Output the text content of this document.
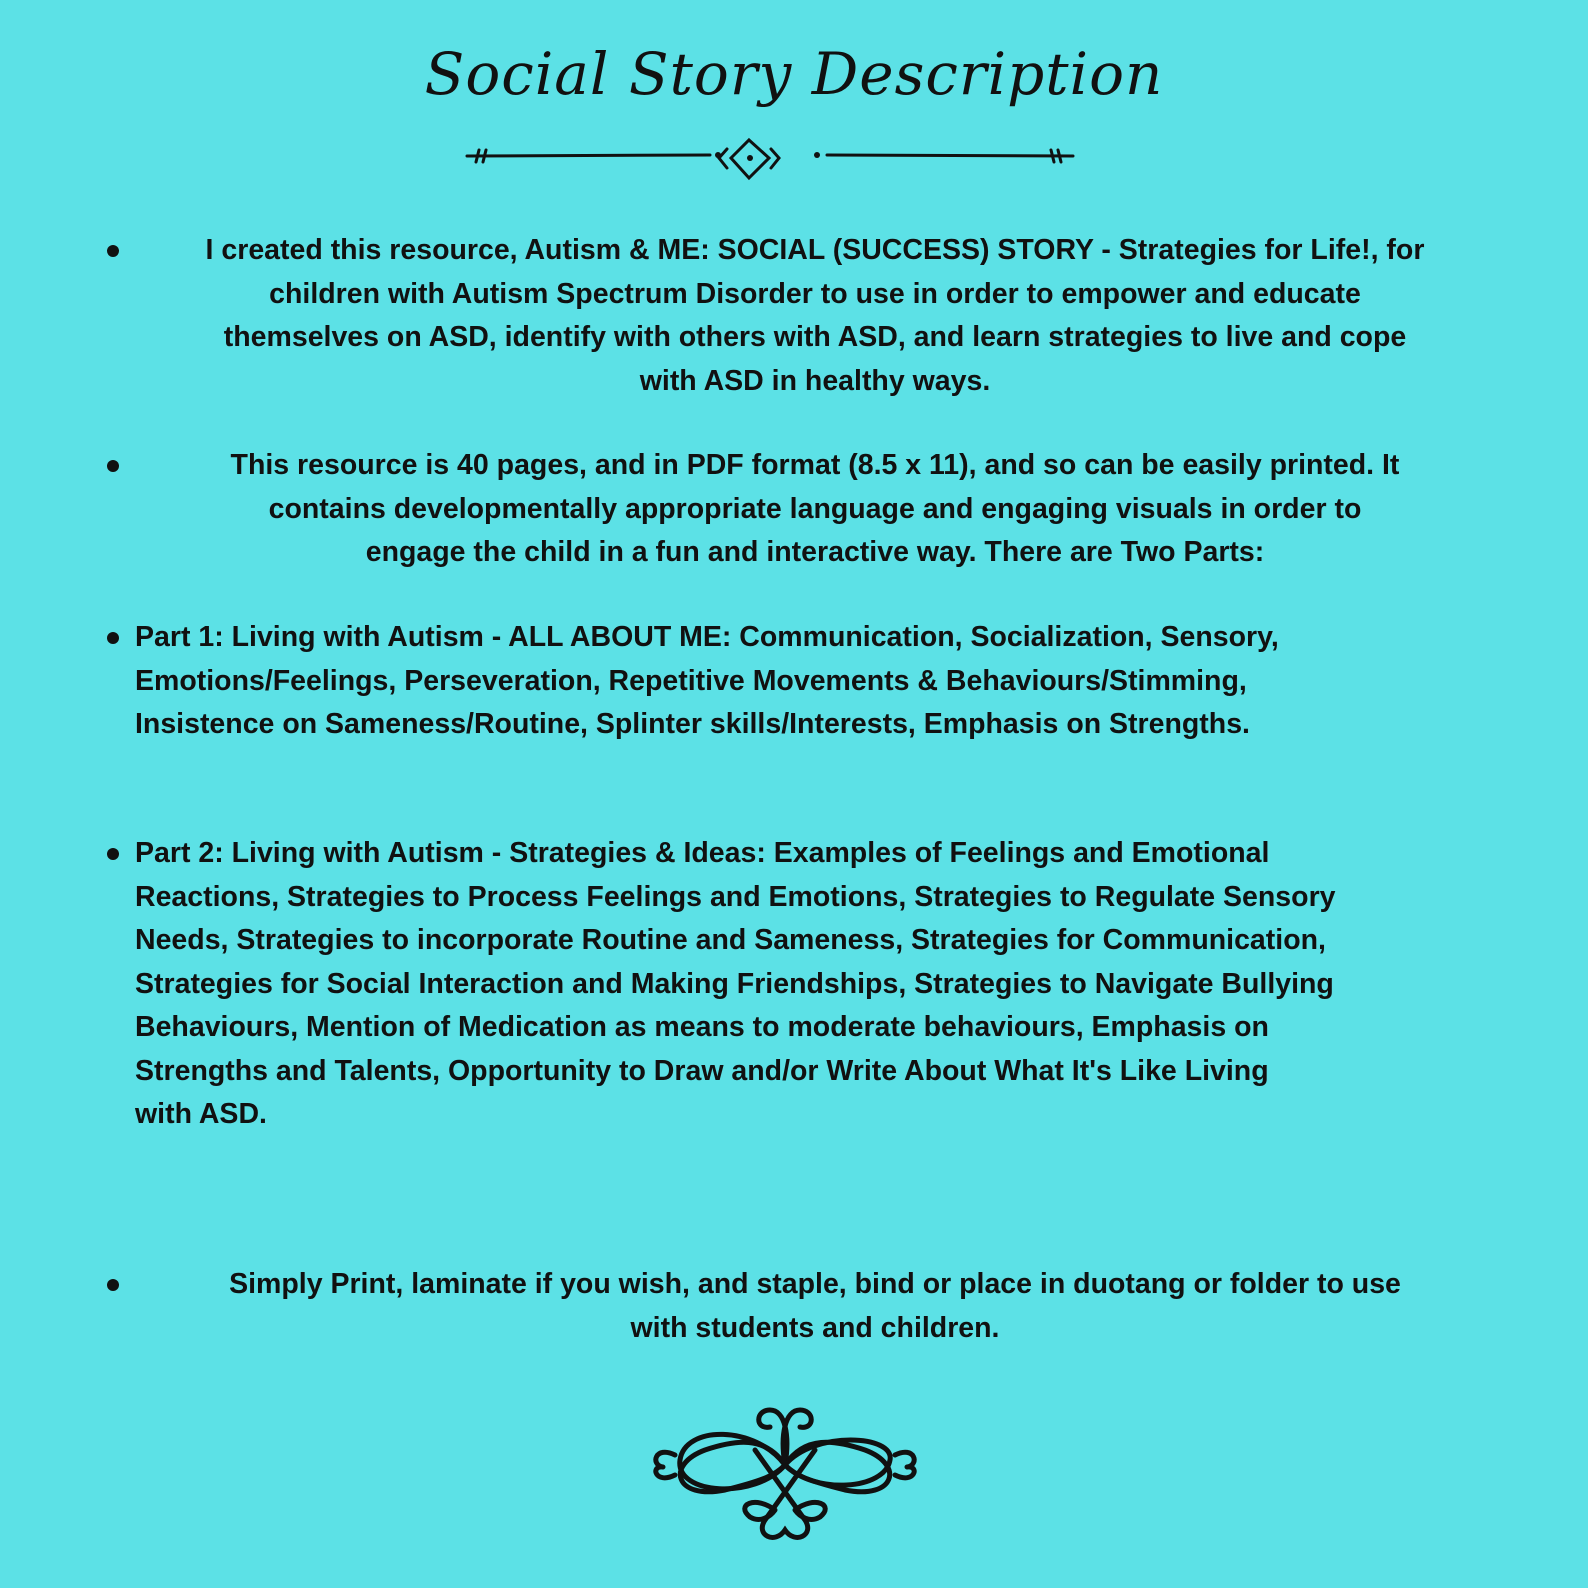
Social Story Description
I created this resource, Autism & ME: SOCIAL (SUCCESS) STORY - Strategies for Life!, for
children with Autism Spectrum Disorder to use in order to empower and educate
themselves on ASD, identify with others with ASD, and learn strategies to live and cope
with ASD in healthy ways.
This resource is 40 pages, and in PDF format (8.5 x 11), and so can be easily printed. It
contains developmentally appropriate language and engaging visuals in order to
engage the child in a fun and interactive way. There are Two Parts:
Part 1: Living with Autism - ALL ABOUT ME: Communication, Socialization, Sensory,
Emotions/Feelings, Perseveration, Repetitive Movements & Behaviours/Stimming,
Insistence on Sameness/Routine, Splinter skills/Interests, Emphasis on Strengths.
Part 2: Living with Autism - Strategies & Ideas: Examples of Feelings and Emotional
Reactions, Strategies to Process Feelings and Emotions, Strategies to Regulate Sensory
Needs, Strategies to incorporate Routine and Sameness, Strategies for Communication,
Strategies for Social Interaction and Making Friendships, Strategies to Navigate Bullying
Behaviours, Mention of Medication as means to moderate behaviours, Emphasis on
Strengths and Talents, Opportunity to Draw and/or Write About What It's Like Living
with ASD.
Simply Print, laminate if you wish, and staple, bind or place in duotang or folder to use
with students and children.
